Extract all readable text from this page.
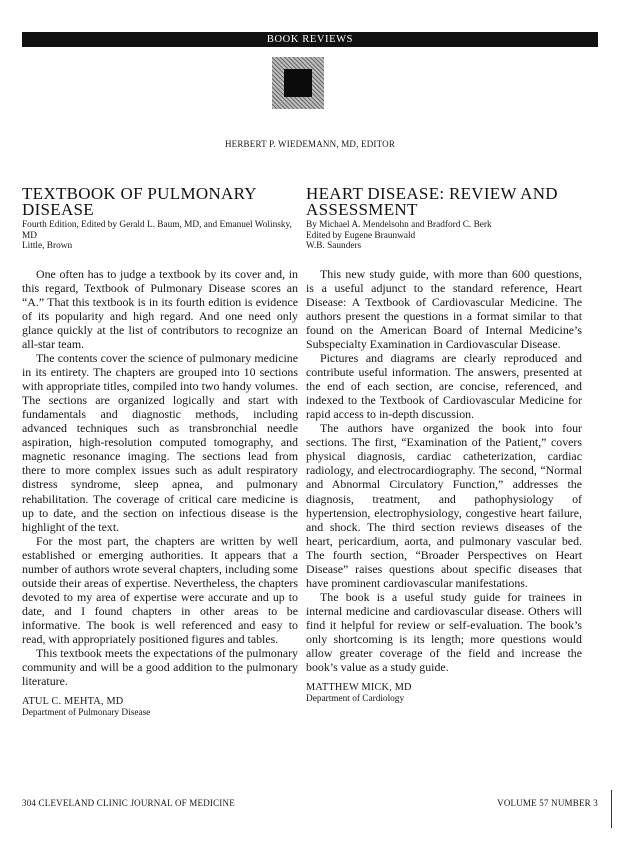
BOOK REVIEWS
HERBERT P. WIEDEMANN, MD, EDITOR
TEXTBOOK OF PULMONARY DISEASE
Fourth Edition, Edited by Gerald L. Baum, MD, and Emanuel Wolinsky, MD
Little, Brown

One often has to judge a textbook by its cover and, in this regard, Textbook of Pulmonary Disease scores an “A.” That this textbook is in its fourth edition is evidence of its popularity and high regard. And one need only glance quickly at the list of contributors to recognize an all-star team.

The contents cover the science of pulmonary medicine in its entirety. The chapters are grouped into 10 sections with appropriate titles, compiled into two handy volumes. The sections are organized logically and start with fundamentals and diagnostic methods, including advanced techniques such as transbronchial needle aspiration, high-resolution computed tomography, and magnetic resonance imaging. The sections lead from there to more complex issues such as adult respiratory distress syndrome, sleep apnea, and pulmonary rehabilitation. The coverage of critical care medicine is up to date, and the section on infectious disease is the highlight of the text.

For the most part, the chapters are written by well established or emerging authorities. It appears that a number of authors wrote several chapters, including some outside their areas of expertise. Nevertheless, the chapters devoted to my area of expertise were accurate and up to date, and I found chapters in other areas to be informative. The book is well referenced and easy to read, with appropriately positioned figures and tables.

This textbook meets the expectations of the pulmonary community and will be a good addition to the pulmonary literature.

ATUL C. MEHTA, MD
Department of Pulmonary Disease
HEART DISEASE: REVIEW AND ASSESSMENT
By Michael A. Mendelsohn and Bradford C. Berk
Edited by Eugene Braunwald
W.B. Saunders

This new study guide, with more than 600 questions, is a useful adjunct to the standard reference, Heart Disease: A Textbook of Cardiovascular Medicine. The authors present the questions in a format similar to that found on the American Board of Internal Medicine’s Subspecialty Examination in Cardiovascular Disease.

Pictures and diagrams are clearly reproduced and contribute useful information. The answers, presented at the end of each section, are concise, referenced, and indexed to the Textbook of Cardiovascular Medicine for rapid access to in-depth discussion.

The authors have organized the book into four sections. The first, “Examination of the Patient,” covers physical diagnosis, cardiac catheterization, cardiac radiology, and electrocardiography. The second, “Normal and Abnormal Circulatory Function,” addresses the diagnosis, treatment, and pathophysiology of hypertension, electrophysiology, congestive heart failure, and shock. The third section reviews diseases of the heart, pericardium, aorta, and pulmonary vascular bed. The fourth section, “Broader Perspectives on Heart Disease” raises questions about specific diseases that have prominent cardiovascular manifestations.

The book is a useful study guide for trainees in internal medicine and cardiovascular disease. Others will find it helpful for review or self-evaluation. The book’s only shortcoming is its length; more questions would allow greater coverage of the field and increase the book’s value as a study guide.

MATTHEW MICK, MD
Department of Cardiology
304 CLEVELAND CLINIC JOURNAL OF MEDICINE	VOLUME 57 NUMBER 3
